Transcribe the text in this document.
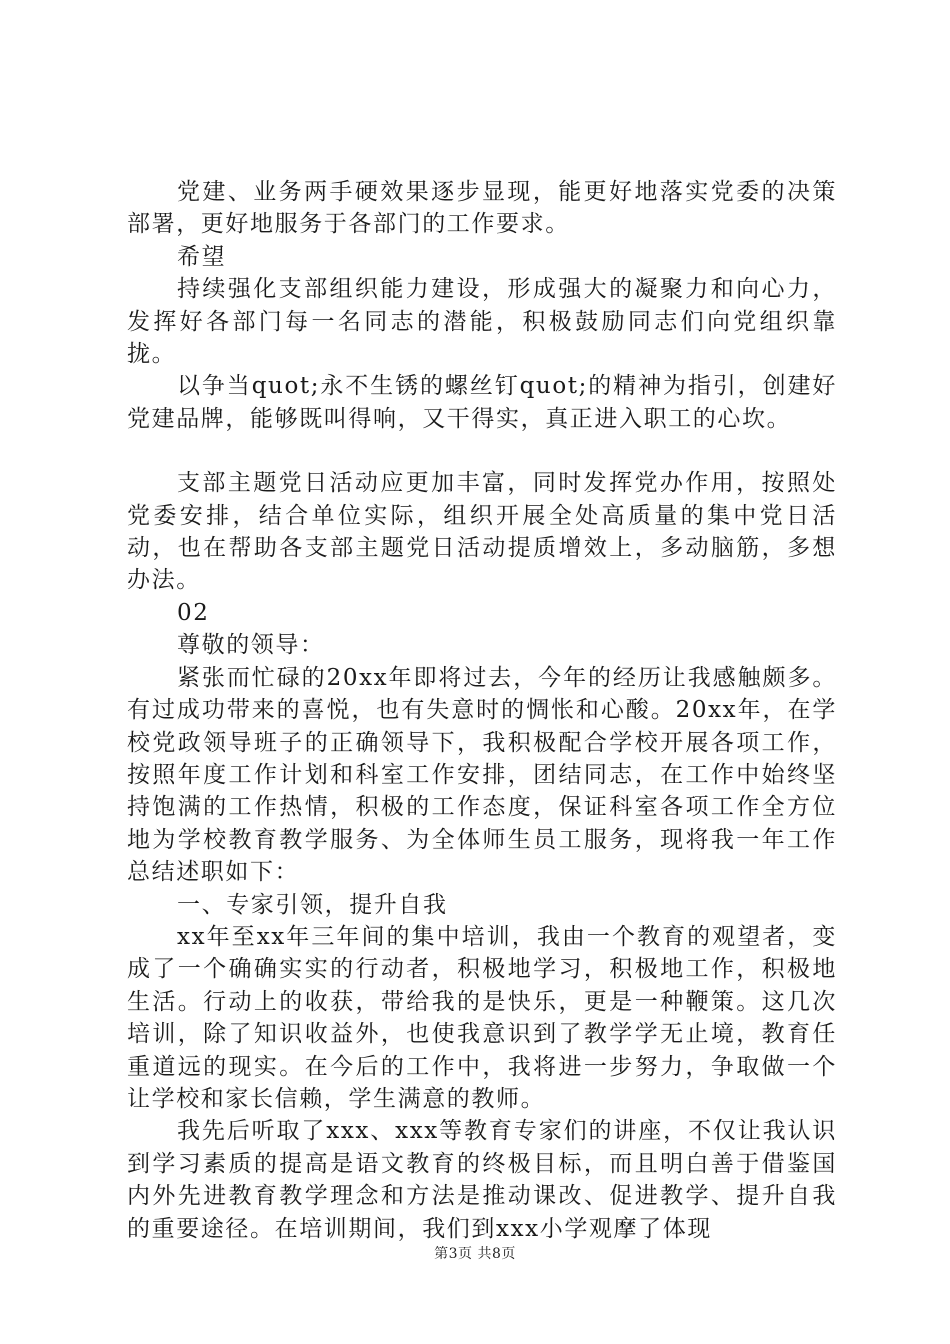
党建、业务两手硬效果逐步显现，能更好地落实党委的决策部署，更好地服务于各部门的工作要求。

希望

持续强化支部组织能力建设，形成强大的凝聚力和向心力，发挥好各部门每一名同志的潜能，积极鼓励同志们向党组织靠拢。

以争当quot;永不生锈的螺丝钉quot;的精神为指引，创建好党建品牌，能够既叫得响，又干得实，真正进入职工的心坎。

支部主题党日活动应更加丰富，同时发挥党办作用，按照处党委安排，结合单位实际，组织开展全处高质量的集中党日活动，也在帮助各支部主题党日活动提质增效上，多动脑筋，多想办法。

02

尊敬的领导：

紧张而忙碌的20xx年即将过去，今年的经历让我感触颇多。有过成功带来的喜悦，也有失意时的惆怅和心酸。20xx年，在学校党政领导班子的正确领导下，我积极配合学校开展各项工作，按照年度工作计划和科室工作安排，团结同志，在工作中始终坚持饱满的工作热情，积极的工作态度，保证科室各项工作全方位地为学校教育教学服务、为全体师生员工服务，现将我一年工作总结述职如下：

一、专家引领，提升自我

xx年至xx年三年间的集中培训，我由一个教育的观望者，变成了一个确确实实的行动者，积极地学习，积极地工作，积极地生活。行动上的收获，带给我的是快乐，更是一种鞭策。这几次培训，除了知识收益外，也使我意识到了教学学无止境，教育任重道远的现实。在今后的工作中，我将进一步努力，争取做一个让学校和家长信赖，学生满意的教师。

我先后听取了xxx、xxx等教育专家们的讲座，不仅让我认识到学习素质的提高是语文教育的终极目标，而且明白善于借鉴国内外先进教育教学理念和方法是推动课改、促进教学、提升自我的重要途径。在培训期间，我们到xxx小学观摩了体现

第3页 共8页
